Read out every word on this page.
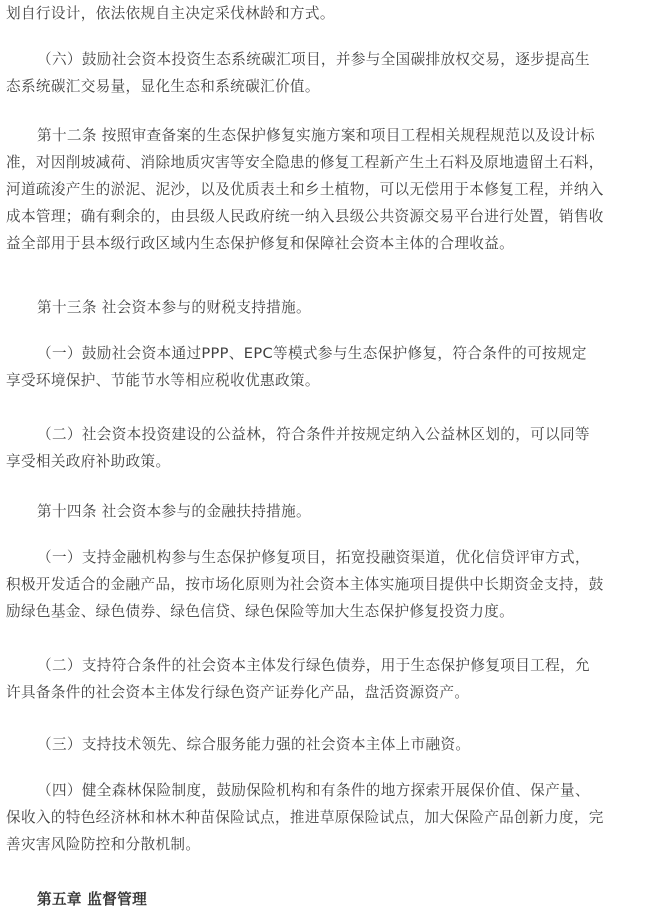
划自行设计，依法依规自主决定采伐林龄和方式。

（六）鼓励社会资本投资生态系统碳汇项目，并参与全国碳排放权交易，逐步提高生
态系统碳汇交易量，显化生态和系统碳汇价值。

第十二条 按照审查备案的生态保护修复实施方案和项目工程相关规程规范以及设计标
准，对因削坡减荷、消除地质灾害等安全隐患的修复工程新产生土石料及原地遗留土石料，
河道疏浚产生的淤泥、泥沙，以及优质表土和乡土植物，可以无偿用于本修复工程，并纳入
成本管理；确有剩余的，由县级人民政府统一纳入县级公共资源交易平台进行处置，销售收
益全部用于县本级行政区域内生态保护修复和保障社会资本主体的合理收益。

第十三条 社会资本参与的财税支持措施。

（一）鼓励社会资本通过PPP、EPC等模式参与生态保护修复，符合条件的可按规定
享受环境保护、节能节水等相应税收优惠政策。

（二）社会资本投资建设的公益林，符合条件并按规定纳入公益林区划的，可以同等
享受相关政府补助政策。

第十四条 社会资本参与的金融扶持措施。

（一）支持金融机构参与生态保护修复项目，拓宽投融资渠道，优化信贷评审方式，
积极开发适合的金融产品，按市场化原则为社会资本主体实施项目提供中长期资金支持，鼓
励绿色基金、绿色债券、绿色信贷、绿色保险等加大生态保护修复投资力度。

（二）支持符合条件的社会资本主体发行绿色债券，用于生态保护修复项目工程，允
许具备条件的社会资本主体发行绿色资产证券化产品，盘活资源资产。

（三）支持技术领先、综合服务能力强的社会资本主体上市融资。

（四）健全森林保险制度，鼓励保险机构和有条件的地方探索开展保价值、保产量、
保收入的特色经济林和林木种苗保险试点，推进草原保险试点，加大保险产品创新力度，完
善灾害风险防控和分散机制。

第五章 监督管理
